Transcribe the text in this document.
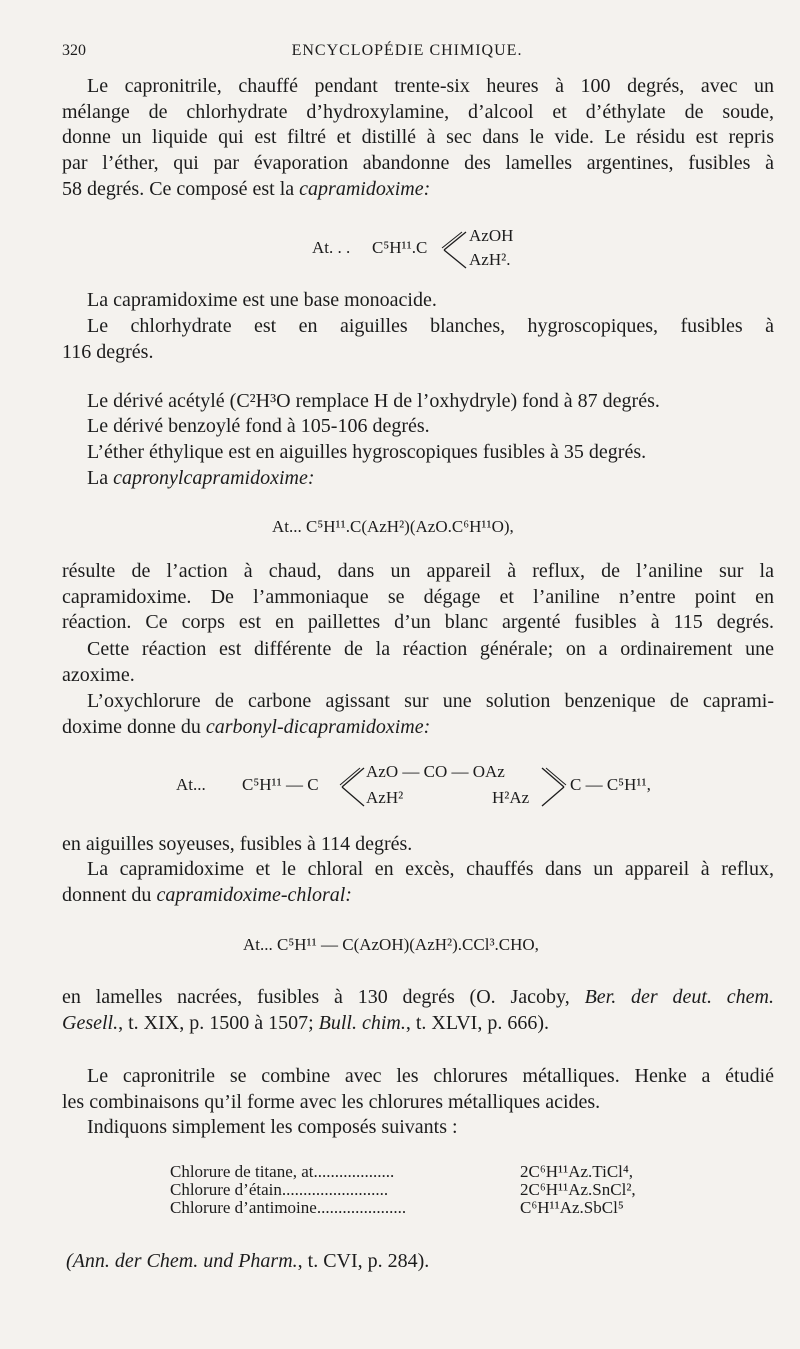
320	ENCYCLOPÉDIE CHIMIQUE.
Le capronitrile, chauffé pendant trente-six heures à 100 degrés, avec un
mélange de chlorhydrate d’hydroxylamine, d’alcool et d’éthylate de soude,
donne un liquide qui est filtré et distillé à sec dans le vide. Le résidu est repris
par l’éther, qui par évaporation abandonne des lamelles argentines, fusibles à
58 degrés. Ce composé est la capramidoxime:
At. . . C⁵H¹¹.C
AzOH
AzH².
La capramidoxime est une base monoacide.
Le chlorhydrate est en aiguilles blanches, hygroscopiques, fusibles à
116 degrés.
Le dérivé acétylé (C²H³O remplace H de l’oxhydryle) fond à 87 degrés.
Le dérivé benzoylé fond à 105-106 degrés.
L’éther éthylique est en aiguilles hygroscopiques fusibles à 35 degrés.
La capronylcapramidoxime:
At... C⁵H¹¹.C(AzH²)(AzO.C⁶H¹¹O),
résulte de l’action à chaud, dans un appareil à reflux, de l’aniline sur la
capramidoxime. De l’ammoniaque se dégage et l’aniline n’entre point en
réaction. Ce corps est en paillettes d’un blanc argenté fusibles à 115 degrés.
Cette réaction est différente de la réaction générale; on a ordinairement une
azoxime.
L’oxychlorure de carbone agissant sur une solution benzenique de caprami-
doxime donne du carbonyl-dicapramidoxime:
At... C⁵H¹¹ — C
AzO — CO — OAz
AzH²	H²Az
C — C⁵H¹¹,
en aiguilles soyeuses, fusibles à 114 degrés.
La capramidoxime et le chloral en excès, chauffés dans un appareil à reflux,
donnent du capramidoxime-chloral:
At... C⁵H¹¹ — C(AzOH)(AzH²).CCl³.CHO,
en lamelles nacrées, fusibles à 130 degrés (O. Jacoby, Ber. der deut. chem.
Gesell., t. XIX, p. 1500 à 1507; Bull. chim., t. XLVI, p. 666).
Le capronitrile se combine avec les chlorures métalliques. Henke a étudié
les combinaisons qu’il forme avec les chlorures métalliques acides.
Indiquons simplement les composés suivants :
Chlorure de titane, at...................	2C⁶H¹¹Az.TiCl⁴,
Chlorure d’étain.........................	2C⁶H¹¹Az.SnCl²,
Chlorure d’antimoine.....................	C⁶H¹¹Az.SbCl⁵
(Ann. der Chem. und Pharm., t. CVI, p. 284).
